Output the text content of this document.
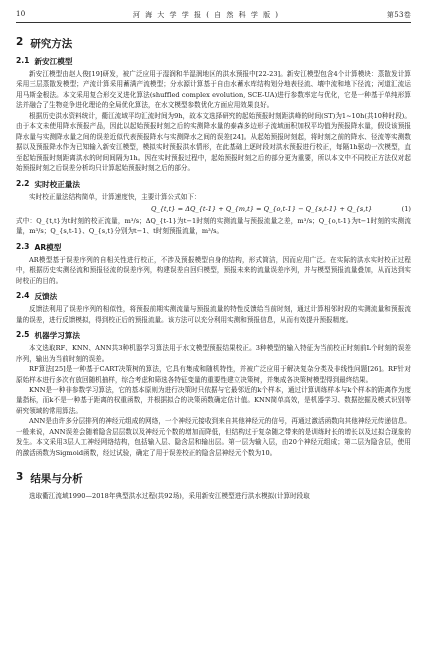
10	河 海 大 学 学 报 ( 自 然 科 学 版 )	第53卷
2 研究方法
2.1 新安江模型

新安江模型由赵人俊[19]研发，被广泛应用于湿润和半湿润地区的洪水预报中[22-23]。新安江模型包含4个计算模块：蒸散发计算采用三层蒸散发模型；产流计算采用蓄满产流模型；分水源计算基于自由水蓄水库结构划分地表径流、壤中流和地下径流；河道汇流运用马斯金根法。本文采用复合形交叉进化算法(shuffled complex evolution, SCE-UA)进行参数率定与优化，它是一种基于单纯形算法并融合了生物竞争进化理论的全局优化算法，在水文模型参数优化方面应用效果良好。

根据历史洪水资料统计，衢江流域平均汇流时间为9h，故本文选择研究的起始预报时刻距洪峰的时间(ST)为1~10h(共10种时段)。由于本文未使用降水预报产品，因此以起始预报时刻之后的实测降水量的泰森多边形子流域面积加权平均值为预报降水量，假设该预报降水量与实测降水量之间的误差近似代表预报降水与实测降水之间的误差[24]。从起始预报时刻起，将时刻之前的降水、径流等实测数据以及预报降水作为已知输入新安江模型，模拟实时预报洪水情形，在此基础上逐时段对洪水预报进行校正，每隔1h驱动一次模型，直至起始预报时刻距离洪水的时间间隔为1h。因在实时预报过程中，起始预报时刻之后的部分更为重要，所以本文中不同校正方法仅对起始预报时刻之后误差分析均只计算起始预报时刻之后的部分。

2.2 实时校正量法

实时校正量法结构简单，计算速度快，主要计算公式如下：

Q_{t,t} = ΔQ_{t-1} + Q_{m,t} = Q_{o,t-1} − Q_{s,t-1} + Q_{s,t}	(1)

式中：Q_{t,t}为t时刻的校正流量，m³/s；ΔQ_{t-1}为t−1时刻的实测流量与预报流量之差，m³/s；Q_{o,t-1}为t−1时刻的实测流量，m³/s；Q_{s,t-1}、Q_{s,t}分别为t−1、t时刻预报流量，m³/s。

2.3 AR模型

AR模型基于误差序列的自相关性进行校正，不涉及预报模型自身的结构，形式简洁，因而应用广泛。在实际的洪水实时校正过程中，根据历史实测径流和预报径流的误差序列，构建误差自回归模型，预报未来的流量误差序列，并与模型预报流量叠加，从而达到实时校正的目的。

2.4 反馈法

反馈法利用了误差序列的相似性，将预报前期实测流量与预报流量的特性反馈给当前时刻，通过计算相邻时段的实测流量和预报流量的误差，进行反馈模拟，得到校正后的预报流量。该方法可以充分利用实测和预报信息，从而有效提升预报精度。

2.5 机器学习算法

本文选取RF、KNN、ANN共3种机器学习算法用于水文模型预报结果校正。3种模型的输入特征为当前校正时刻前L个时刻的误差序列，输出为当前时刻的误差。

RF算法[25]是一种基于CART决策树的算法，它具有集成和随机特性，并被广泛应用于解决复杂分类及非线性问题[26]。RF针对原始样本进行多次有放回随机抽样，综合考虑和筛选各特征变量的重要性建立决策树，并集成各决策树模型得到最终结果。

KNN是一种非参数学习算法，它的基本原则为进行决策时只依据与它最邻近的k个样本，通过计算训练样本与k个样本的距离作为度量指标，而k不是一种基于距离的权重函数，并根据拟合的决策函数确定估计值。KNN简单高效，是机器学习、数据挖掘及模式识别等研究领域的常用算法。

ANN是由许多分层排列的神经元组成的网络，一个神经元接收到来自其他神经元的信号，再通过激活函数向其他神经元传递信息。一般来说，ANN误差会随着隐含层层数以及神经元个数的增加而降低，但结构过于复杂随之带来的是训练时长的增长以及过拟合现象的发生。本文采用3层人工神经网络结构，包括输入层、隐含层和输出层。第一层为输入层，由20个神经元组成；第二层为隐含层，使用的激活函数为Sigmoid函数，经过试验，确定了用于误差校正的隐含层神经元个数为10。

3 结果与分析

选取衢江流域1990—2018年典型洪水过程(共92场)，采用新安江模型进行洪水模拟(计算时段取
